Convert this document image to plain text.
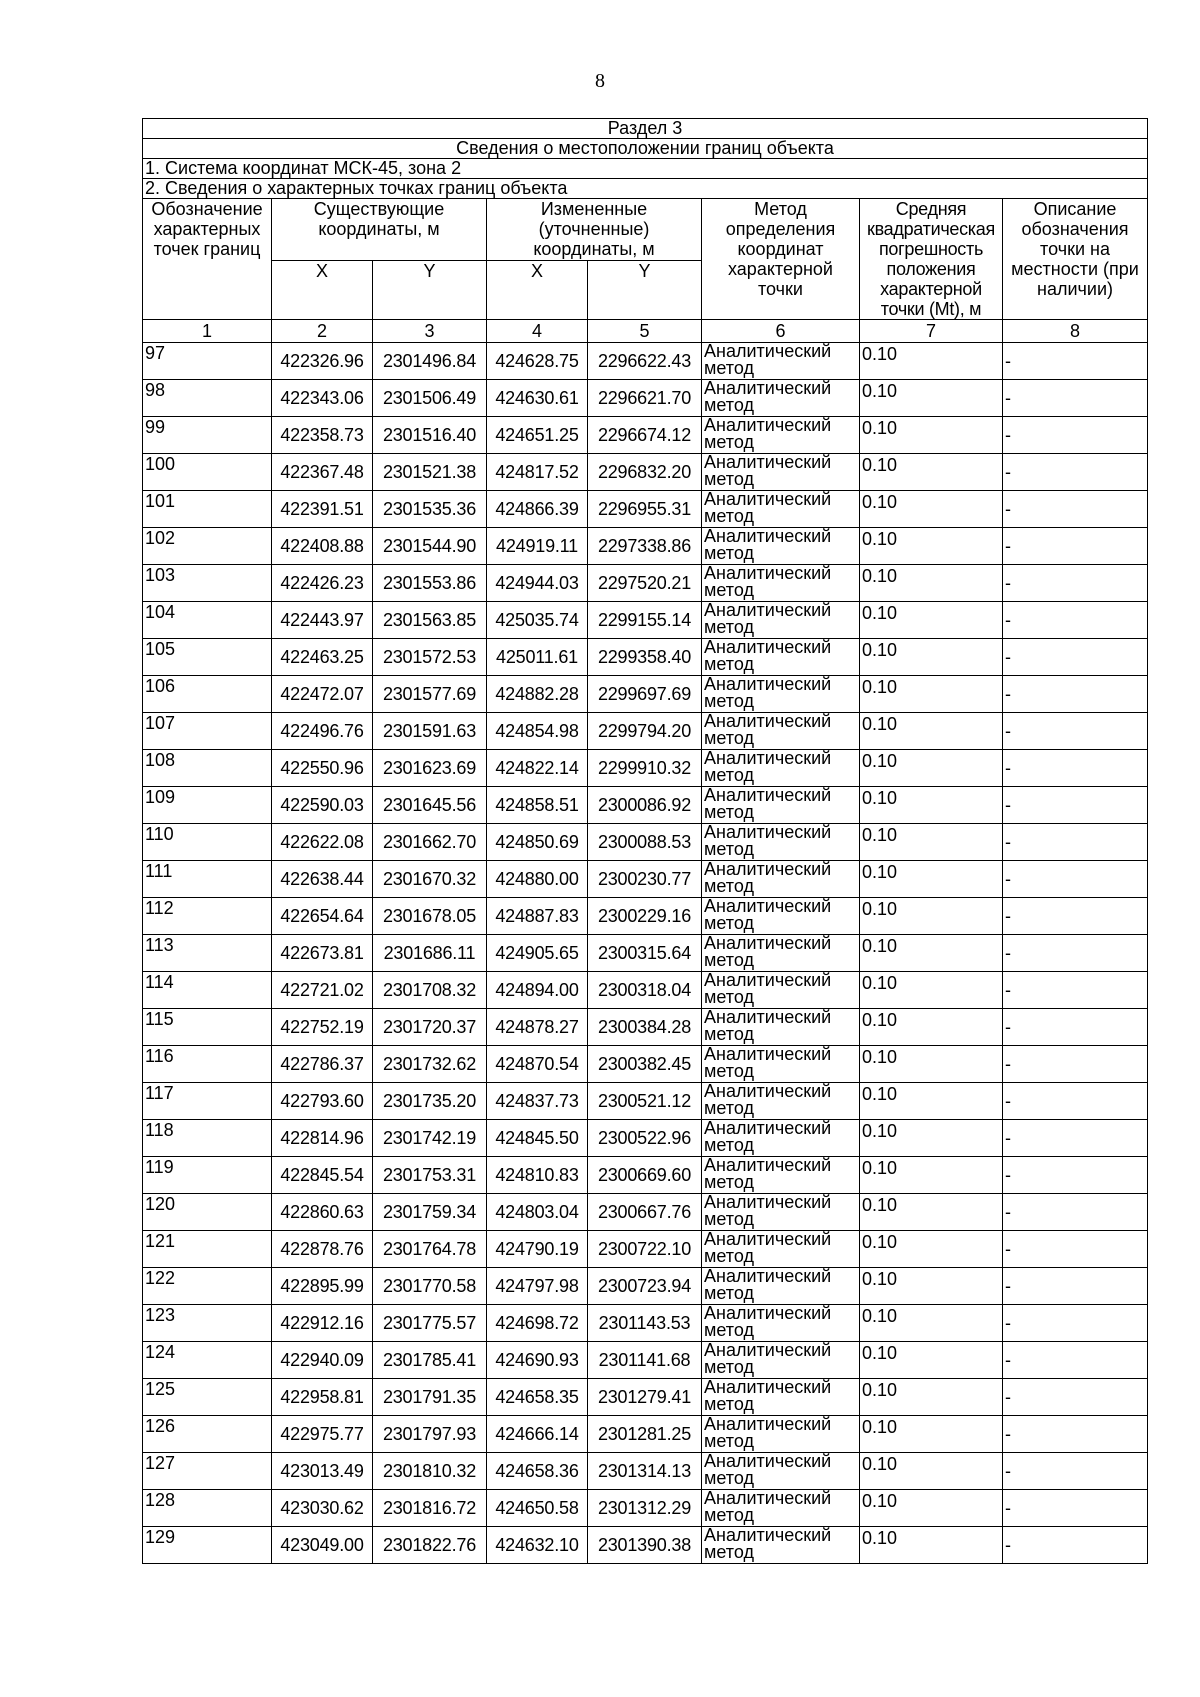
8
Раздел 3							
Сведения о местоположении границ объекта							
1. Система координат МСК-45, зона 2							
2. Сведения о характерных точках границ объекта							
Обозначение характерных точек границ	Существующие координаты, м		Измененные (уточненные) координаты, м		Метод определения координат характерной точки	Средняя квадратическая погрешность положения характерной точки (Mt), м	Описание обозначения точки на местности (при наличии)
	X	Y	X	Y			
1	2	3	4	5	6	7	8
97	422326.96	2301496.84	424628.75	2296622.43	Аналитический метод	0.10	-
98	422343.06	2301506.49	424630.61	2296621.70	Аналитический метод	0.10	-
99	422358.73	2301516.40	424651.25	2296674.12	Аналитический метод	0.10	-
100	422367.48	2301521.38	424817.52	2296832.20	Аналитический метод	0.10	-
101	422391.51	2301535.36	424866.39	2296955.31	Аналитический метод	0.10	-
102	422408.88	2301544.90	424919.11	2297338.86	Аналитический метод	0.10	-
103	422426.23	2301553.86	424944.03	2297520.21	Аналитический метод	0.10	-
104	422443.97	2301563.85	425035.74	2299155.14	Аналитический метод	0.10	-
105	422463.25	2301572.53	425011.61	2299358.40	Аналитический метод	0.10	-
106	422472.07	2301577.69	424882.28	2299697.69	Аналитический метод	0.10	-
107	422496.76	2301591.63	424854.98	2299794.20	Аналитический метод	0.10	-
108	422550.96	2301623.69	424822.14	2299910.32	Аналитический метод	0.10	-
109	422590.03	2301645.56	424858.51	2300086.92	Аналитический метод	0.10	-
110	422622.08	2301662.70	424850.69	2300088.53	Аналитический метод	0.10	-
111	422638.44	2301670.32	424880.00	2300230.77	Аналитический метод	0.10	-
112	422654.64	2301678.05	424887.83	2300229.16	Аналитический метод	0.10	-
113	422673.81	2301686.11	424905.65	2300315.64	Аналитический метод	0.10	-
114	422721.02	2301708.32	424894.00	2300318.04	Аналитический метод	0.10	-
115	422752.19	2301720.37	424878.27	2300384.28	Аналитический метод	0.10	-
116	422786.37	2301732.62	424870.54	2300382.45	Аналитический метод	0.10	-
117	422793.60	2301735.20	424837.73	2300521.12	Аналитический метод	0.10	-
118	422814.96	2301742.19	424845.50	2300522.96	Аналитический метод	0.10	-
119	422845.54	2301753.31	424810.83	2300669.60	Аналитический метод	0.10	-
120	422860.63	2301759.34	424803.04	2300667.76	Аналитический метод	0.10	-
121	422878.76	2301764.78	424790.19	2300722.10	Аналитический метод	0.10	-
122	422895.99	2301770.58	424797.98	2300723.94	Аналитический метод	0.10	-
123	422912.16	2301775.57	424698.72	2301143.53	Аналитический метод	0.10	-
124	422940.09	2301785.41	424690.93	2301141.68	Аналитический метод	0.10	-
125	422958.81	2301791.35	424658.35	2301279.41	Аналитический метод	0.10	-
126	422975.77	2301797.93	424666.14	2301281.25	Аналитический метод	0.10	-
127	423013.49	2301810.32	424658.36	2301314.13	Аналитический метод	0.10	-
128	423030.62	2301816.72	424650.58	2301312.29	Аналитический метод	0.10	-
129	423049.00	2301822.76	424632.10	2301390.38	Аналитический метод	0.10	-
